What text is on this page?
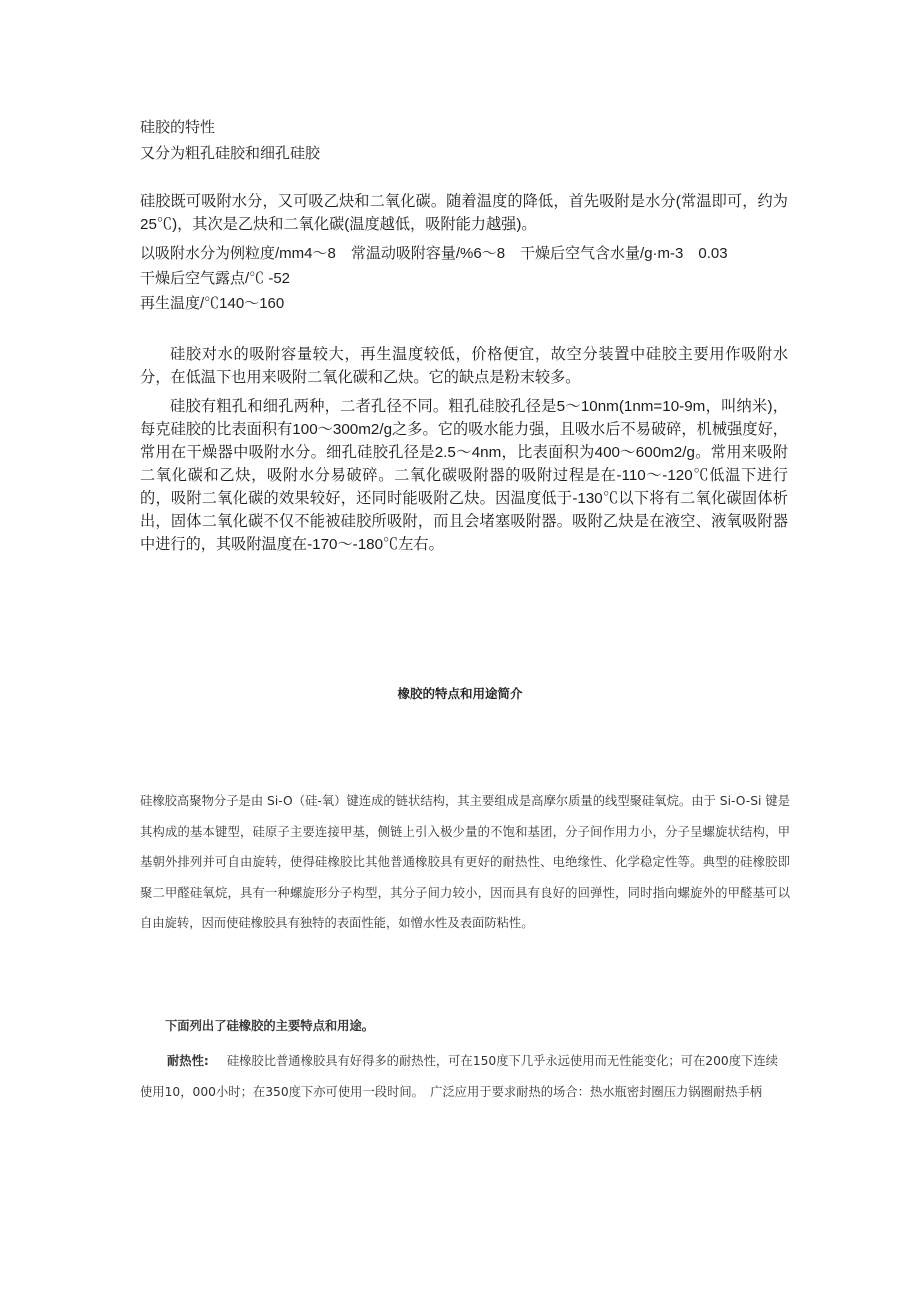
硅胶的特性
又分为粗孔硅胶和细孔硅胶

硅胶既可吸附水分，又可吸乙炔和二氧化碳。随着温度的降低，首先吸附是水分(常温即可，约为25℃)，其次是乙炔和二氧化碳(温度越低，吸附能力越强)。

以吸附水分为例粒度/mm4～8　常温动吸附容量/%6～8　干燥后空气含水量/g·m-3　0.03
干燥后空气露点/℃ -52
再生温度/℃140～160

硅胶对水的吸附容量较大，再生温度较低，价格便宜，故空分装置中硅胶主要用作吸附水分，在低温下也用来吸附二氧化碳和乙炔。它的缺点是粉末较多。

硅胶有粗孔和细孔两种，二者孔径不同。粗孔硅胶孔径是5～10nm(1nm=10-9m，叫纳米)，每克硅胶的比表面积有100～300m2/g之多。它的吸水能力强，且吸水后不易破碎，机械强度好，常用在干燥器中吸附水分。细孔硅胶孔径是2.5～4nm，比表面积为400～600m2/g。常用来吸附二氧化碳和乙炔，吸附水分易破碎。二氧化碳吸附器的吸附过程是在-110～-120℃低温下进行的，吸附二氧化碳的效果较好，还同时能吸附乙炔。因温度低于-130℃以下将有二氧化碳固体析出，固体二氧化碳不仅不能被硅胶所吸附，而且会堵塞吸附器。吸附乙炔是在液空、液氧吸附器中进行的，其吸附温度在-170～-180℃左右。

橡胶的特点和用途简介

硅橡胶高聚物分子是由 Si-O（硅-氧）键连成的链状结构，其主要组成是高摩尔质量的线型聚硅氧烷。由于 Si-O-Si 键是其构成的基本键型，硅原子主要连接甲基，侧链上引入极少量的不饱和基团，分子间作用力小，分子呈螺旋状结构，甲基朝外排列并可自由旋转，使得硅橡胶比其他普通橡胶具有更好的耐热性、电绝缘性、化学稳定性等。典型的硅橡胶即聚二甲醛硅氧烷，具有一种螺旋形分子构型，其分子间力较小，因而具有良好的回弹性，同时指向螺旋外的甲醛基可以自由旋转，因而使硅橡胶具有独特的表面性能，如憎水性及表面防粘性。

下面列出了硅橡胶的主要特点和用途。

耐热性: 硅橡胶比普通橡胶具有好得多的耐热性，可在150度下几乎永远使用而无性能变化；可在200度下连续使用10，000小时；在350度下亦可使用一段时间。　广泛应用于要求耐热的场合：热水瓶密封圈压力锅圈耐热手柄
